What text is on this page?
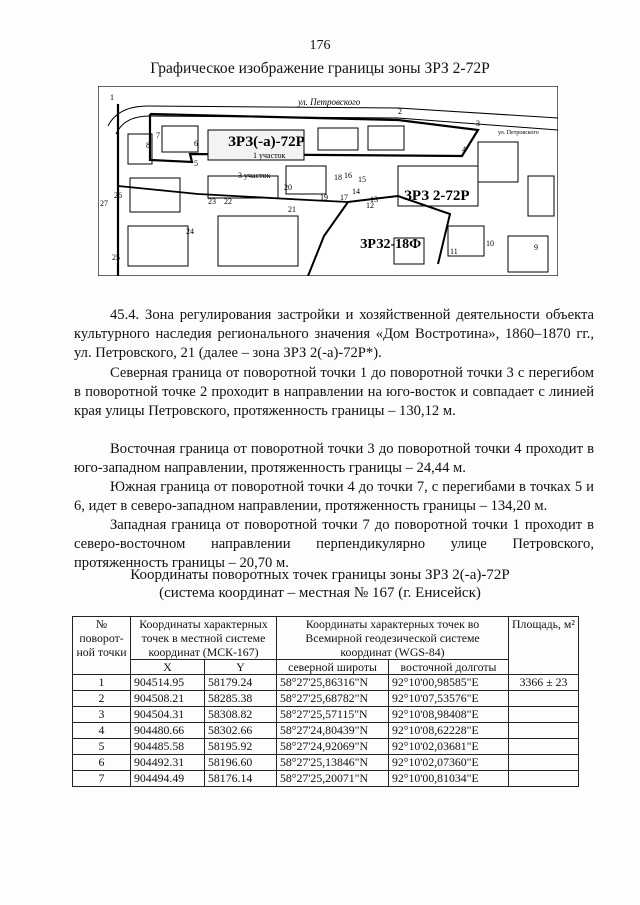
176
Графическое изображение границы зоны ЗРЗ 2-72Р
ул. Петровского
ул. Петровского
ЗРЗ(-а)-72Р
1 участок
3 участок
ЗРЗ 2-72Р
ЗРЗ2-18Ф
1
2
3
4
5
6
7
8
9
10
11
12
13
14
15
16
17
18
19
20
21
22
23
24
25
26
27
45.4. Зона регулирования застройки и хозяйственной деятельности объекта культурного наследия регионального значения «Дом Востротина», 1860–1870 гг., ул. Петровского, 21 (далее – зона ЗРЗ 2(-а)-72Р*).
Северная граница от поворотной точки 1 до поворотной точки 3 с перегибом в поворотной точке 2 проходит в направлении на юго-восток и совпадает с линией края улицы Петровского, протяженность границы – 130,12 м.
Восточная граница от поворотной точки 3 до поворотной точки 4 проходит в юго-западном направлении, протяженность границы – 24,44 м.
Южная граница от поворотной точки 4 до точки 7, с перегибами в точках 5 и 6, идет в северо-западном направлении, протяженность границы – 134,20 м.
Западная граница от поворотной точки 7 до поворотной точки 1 проходит в северо-восточном направлении перпендикулярно улице Петровского, протяженность границы – 20,70 м.
Координаты поворотных точек границы зоны ЗРЗ 2(-а)-72Р
(система координат – местная № 167 (г. Енисейск)
№ поворот-ной точки	Координаты характерных точек в местной системе координат (МСК-167)		Координаты характерных точек во Всемирной геодезической системе координат (WGS-84)		Площадь, м²
	X	Y	северной широты	восточной долготы	
1	904514.95	58179.24	58°27'25,86316"N	92°10'00,98585"E	3366 ± 23
2	904508.21	58285.38	58°27'25,68782"N	92°10'07,53576"E	
3	904504.31	58308.82	58°27'25,57115"N	92°10'08,98408"E	
4	904480.66	58302.66	58°27'24,80439"N	92°10'08,62228"E	
5	904485.58	58195.92	58°27'24,92069"N	92°10'02,03681"E	
6	904492.31	58196.60	58°27'25,13846"N	92°10'02,07360"E	
7	904494.49	58176.14	58°27'25,20071"N	92°10'00,81034"E	
